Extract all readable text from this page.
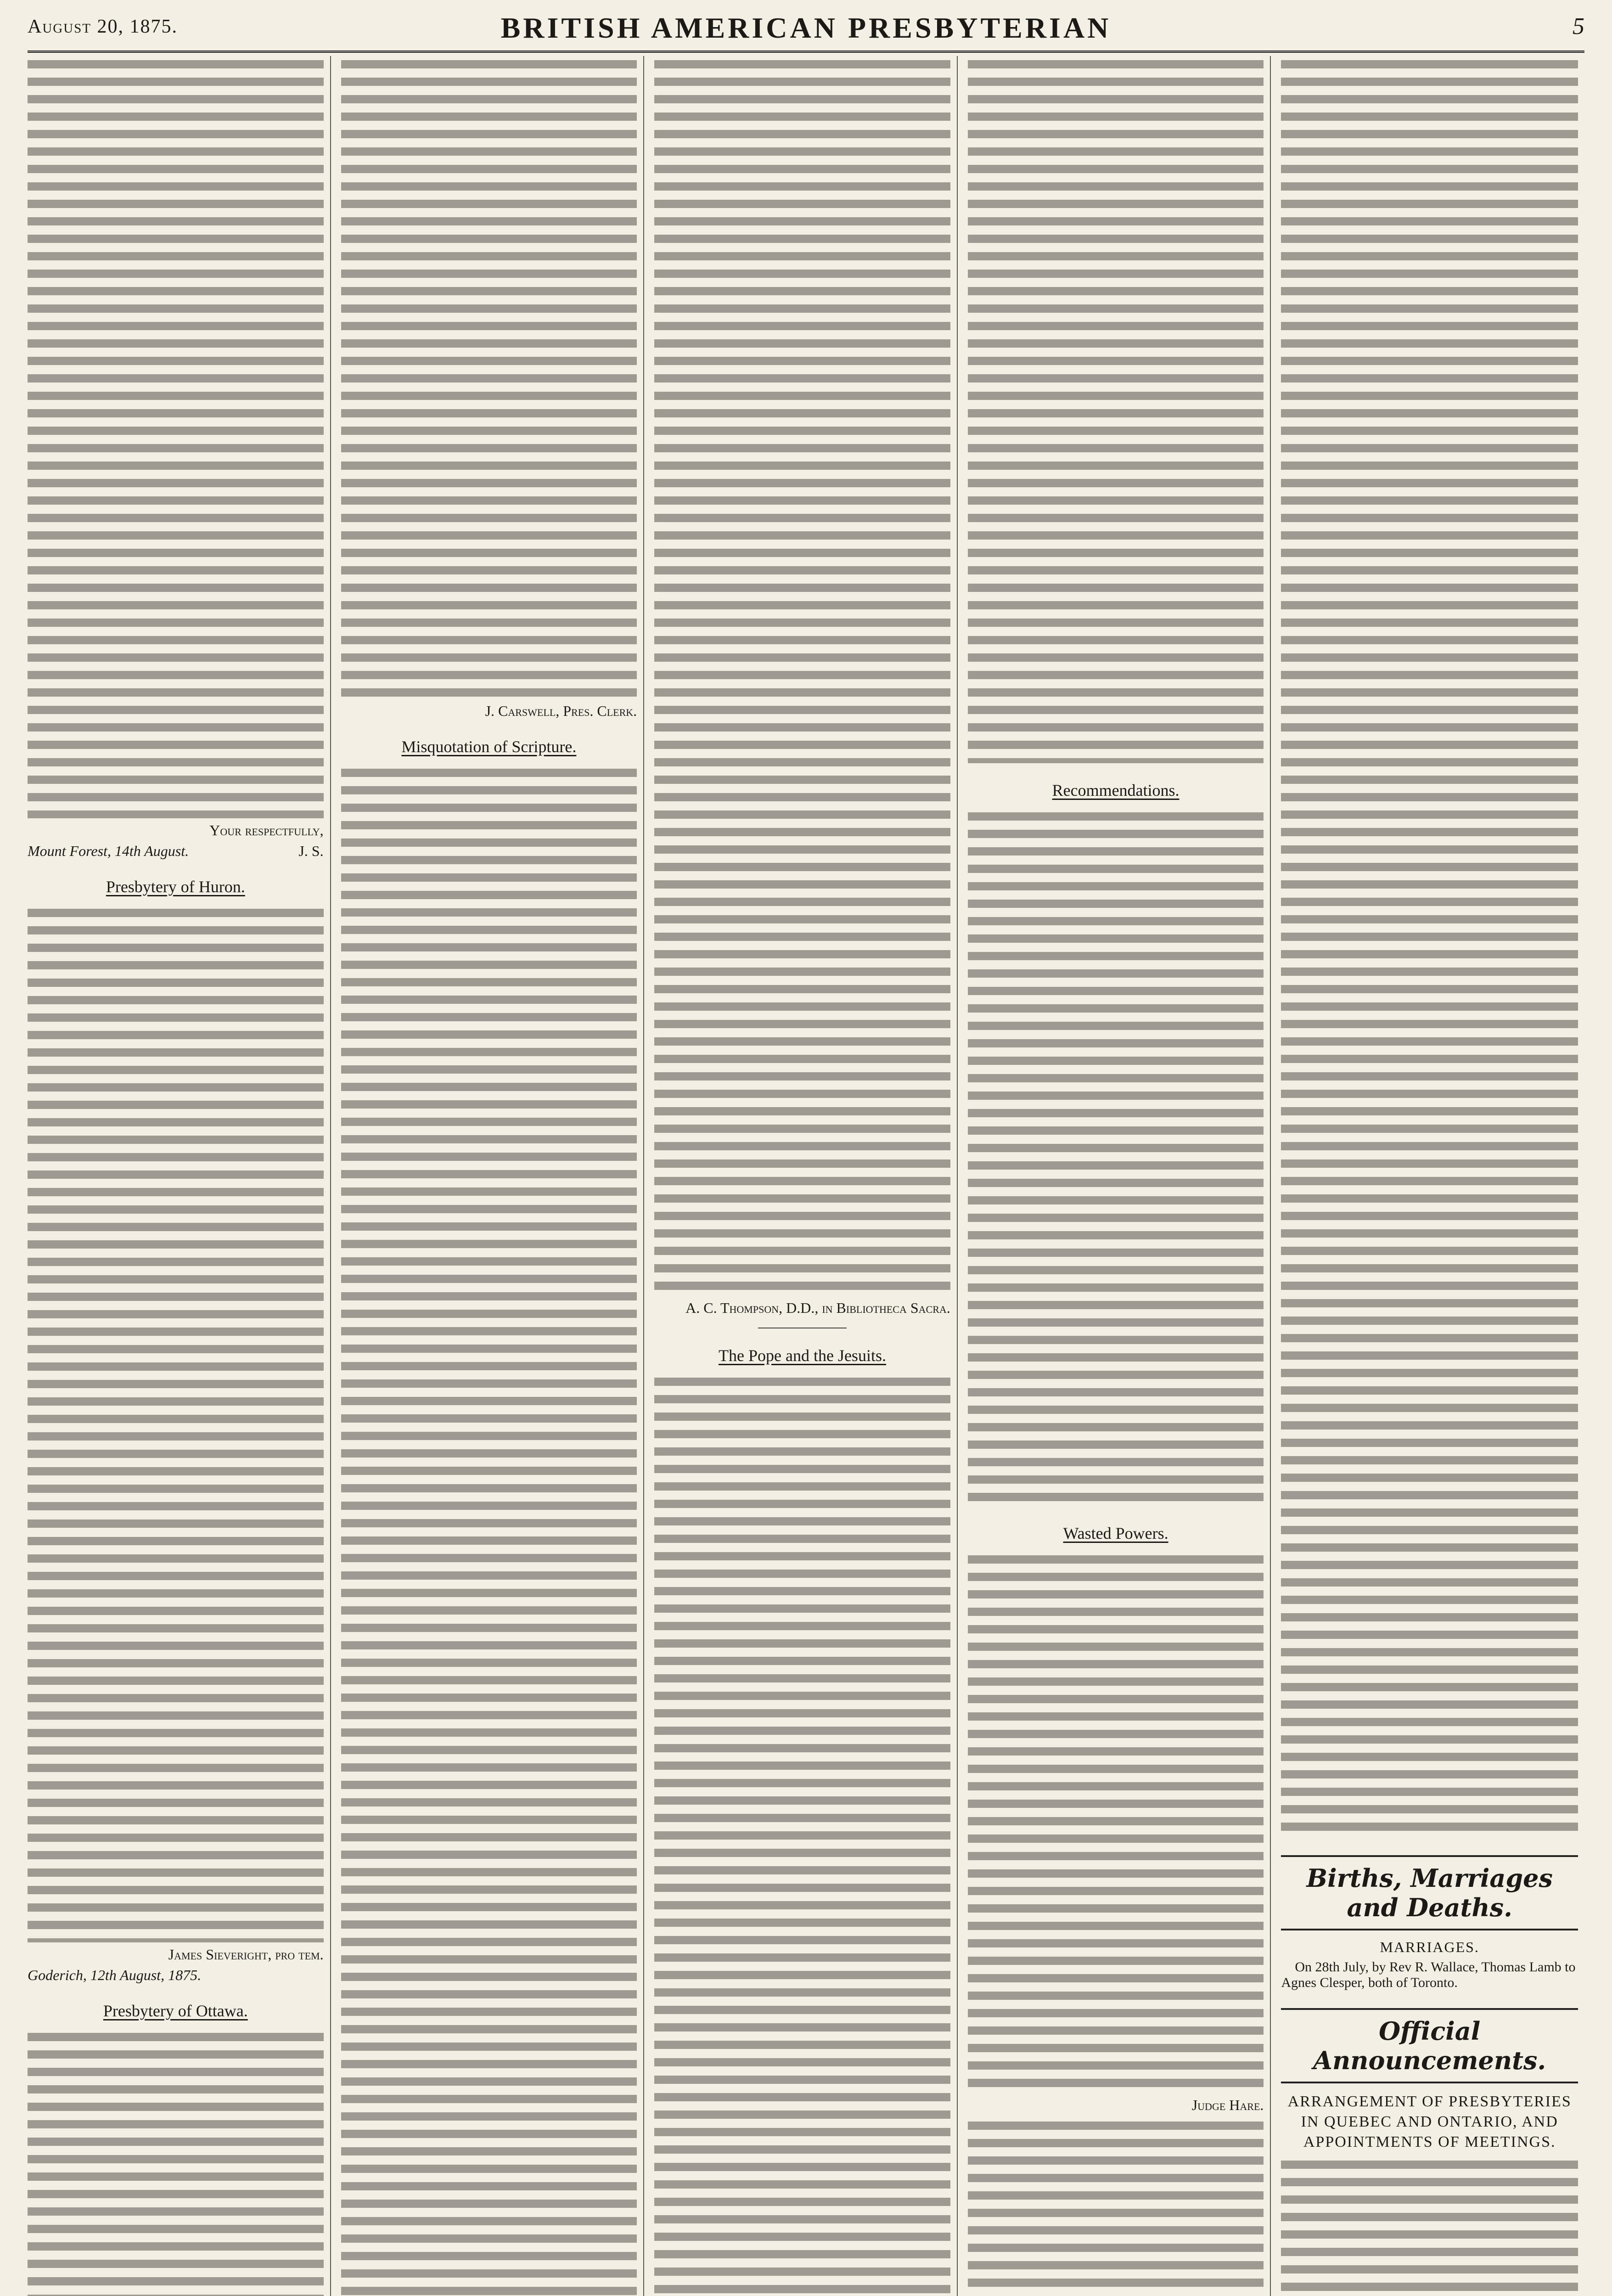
August 20, 1875.	BRITISH AMERICAN PRESBYTERIAN	5
Your respectfully,
Mount Forest, 14th August.	J. S.
Presbytery of Huron.
James Sieveright, pro tem.
Goderich, 12th August, 1875.
Presbytery of Ottawa.
J. Carswell, Pres. Clerk.
Misquotation of Scripture.
A. C. Thompson, D.D., in Bibliotheca Sacra.
The Pope and the Jesuits.
Recommendations.
Wasted Powers.
Judge Hare.
Births, Marriages and Deaths.
MARRIAGES.
On 28th July, by Rev R. Wallace, Thomas Lamb to Agnes Clesper, both of Toronto.
Official Announcements.
ARRANGEMENT OF PRESBYTERIES IN QUEBEC AND ONTARIO, AND APPOINTMENTS OF MEETINGS.
